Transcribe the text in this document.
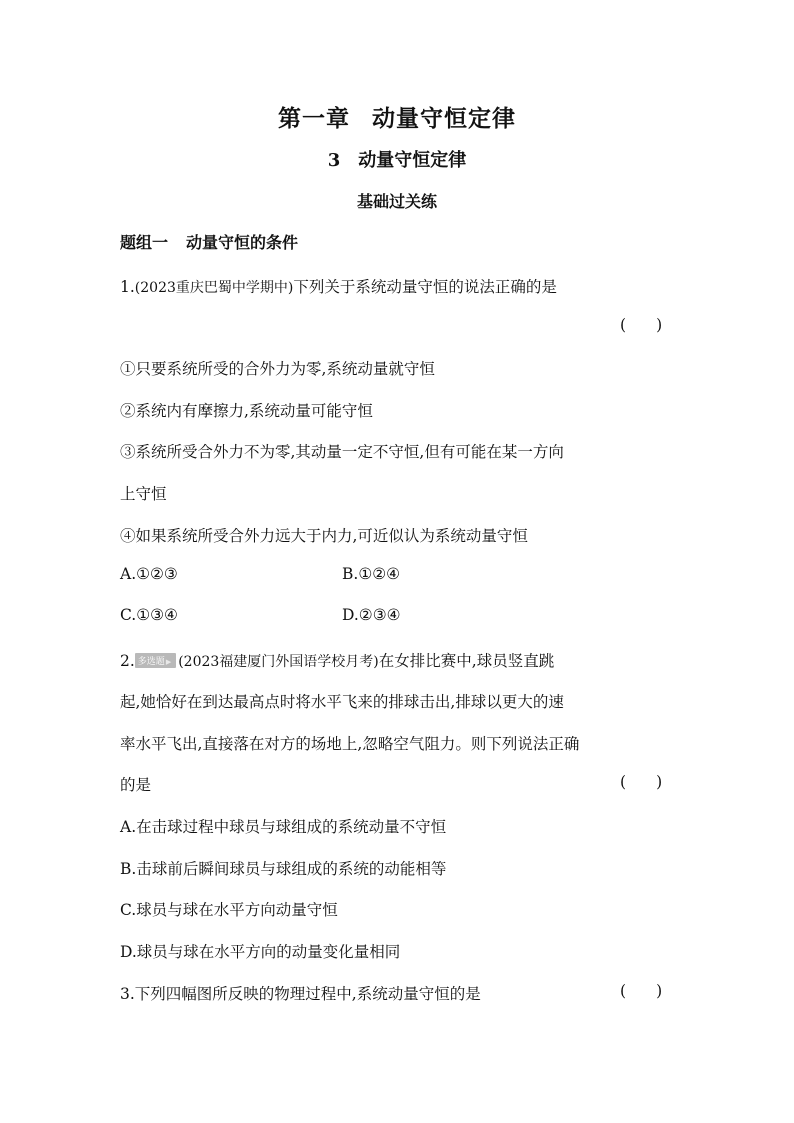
第一章 动量守恒定律
3 动量守恒定律
基础过关练
题组一 动量守恒的条件
1.(2023重庆巴蜀中学期中)下列关于系统动量守恒的说法正确的是
( )
①只要系统所受的合外力为零,系统动量就守恒
②系统内有摩擦力,系统动量可能守恒
③系统所受合外力不为零,其动量一定不守恒,但有可能在某一方向
上守恒
④如果系统所受合外力远大于内力,可近似认为系统动量守恒
A.①②③	B.①②④
C.①③④	D.②③④
2. 多选题 ▶ (2023福建厦门外国语学校月考)在女排比赛中,球员竖直跳
起,她恰好在到达最高点时将水平飞来的排球击出,排球以更大的速
率水平飞出,直接落在对方的场地上,忽略空气阻力。则下列说法正确
的是	( )
A.在击球过程中球员与球组成的系统动量不守恒
B.击球前后瞬间球员与球组成的系统的动能相等
C.球员与球在水平方向动量守恒
D.球员与球在水平方向的动量变化量相同
3.下列四幅图所反映的物理过程中,系统动量守恒的是	( )
